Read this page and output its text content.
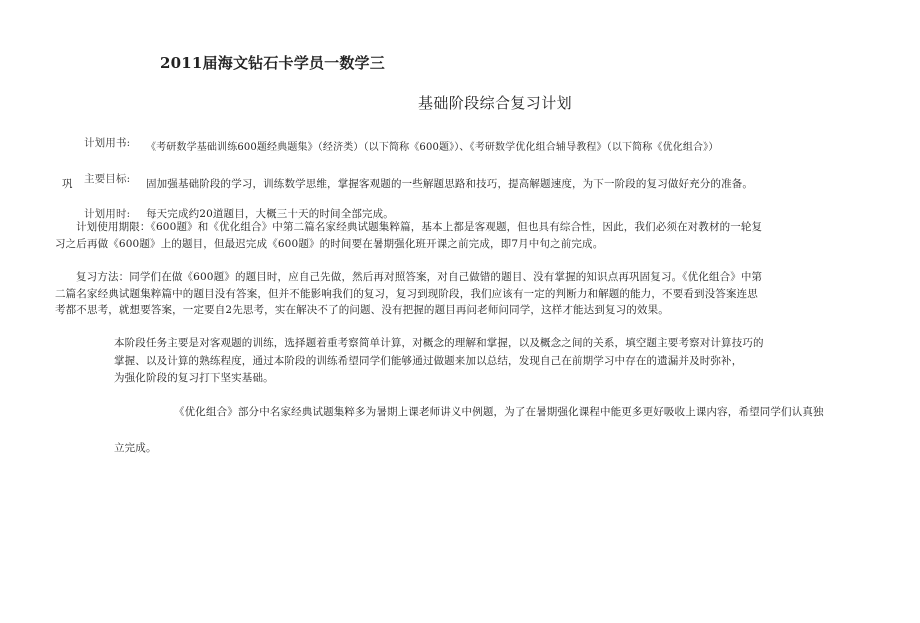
2011届海文钻石卡学员一数学三
基础阶段综合复习计划
计划用书: 《考研数学基础训练600题经典题集》（经济类）（以下简称《600题》）、《考研数学优化组合辅导教程》（以下简称《优化组合》）
巩 主要目标: 固加强基础阶段的学习，训练数学思维，掌握客观题的一些解题思路和技巧，提高解题速度，为下一阶段的复习做好充分的准备。
计划用时: 每天完成约20道题目，大概三十天的时间全部完成。
计划使用期限：《600题》和《优化组合》中第二篇名家经典试题集粹篇，基本上都是客观题，但也具有综合性，因此，我们必须在对教材的一轮复
习之后再做《600题》上的题目，但最迟完成《600题》的时间要在暑期强化班开课之前完成，即7月中旬之前完成。
复习方法：同学们在做《600题》的题目时，应自己先做，然后再对照答案，对自己做错的题目、没有掌握的知识点再巩固复习。《优化组合》中第
二篇名家经典试题集粹篇中的题目没有答案，但并不能影响我们的复习，复习到现阶段，我们应该有一定的判断力和解题的能力，不要看到没答案连思
考都不思考，就想要答案，一定要自2先思考，实在解决不了的问题、没有把握的题目再问老师问同学，这样才能达到复习的效果。
本阶段任务主要是对客观题的训练，选择题着重考察简单计算，对概念的理解和掌握，以及概念之间的关系，填空题主要考察对计算技巧的
掌握、以及计算的熟练程度，通过本阶段的训练希望同学们能够通过做题来加以总结，发现自己在前期学习中存在的遗漏并及时弥补，
为强化阶段的复习打下坚实基础。
《优化组合》部分中名家经典试题集粹多为暑期上课老师讲义中例题，为了在暑期强化课程中能更多更好吸收上课内容，希望同学们认真独
立完成。
